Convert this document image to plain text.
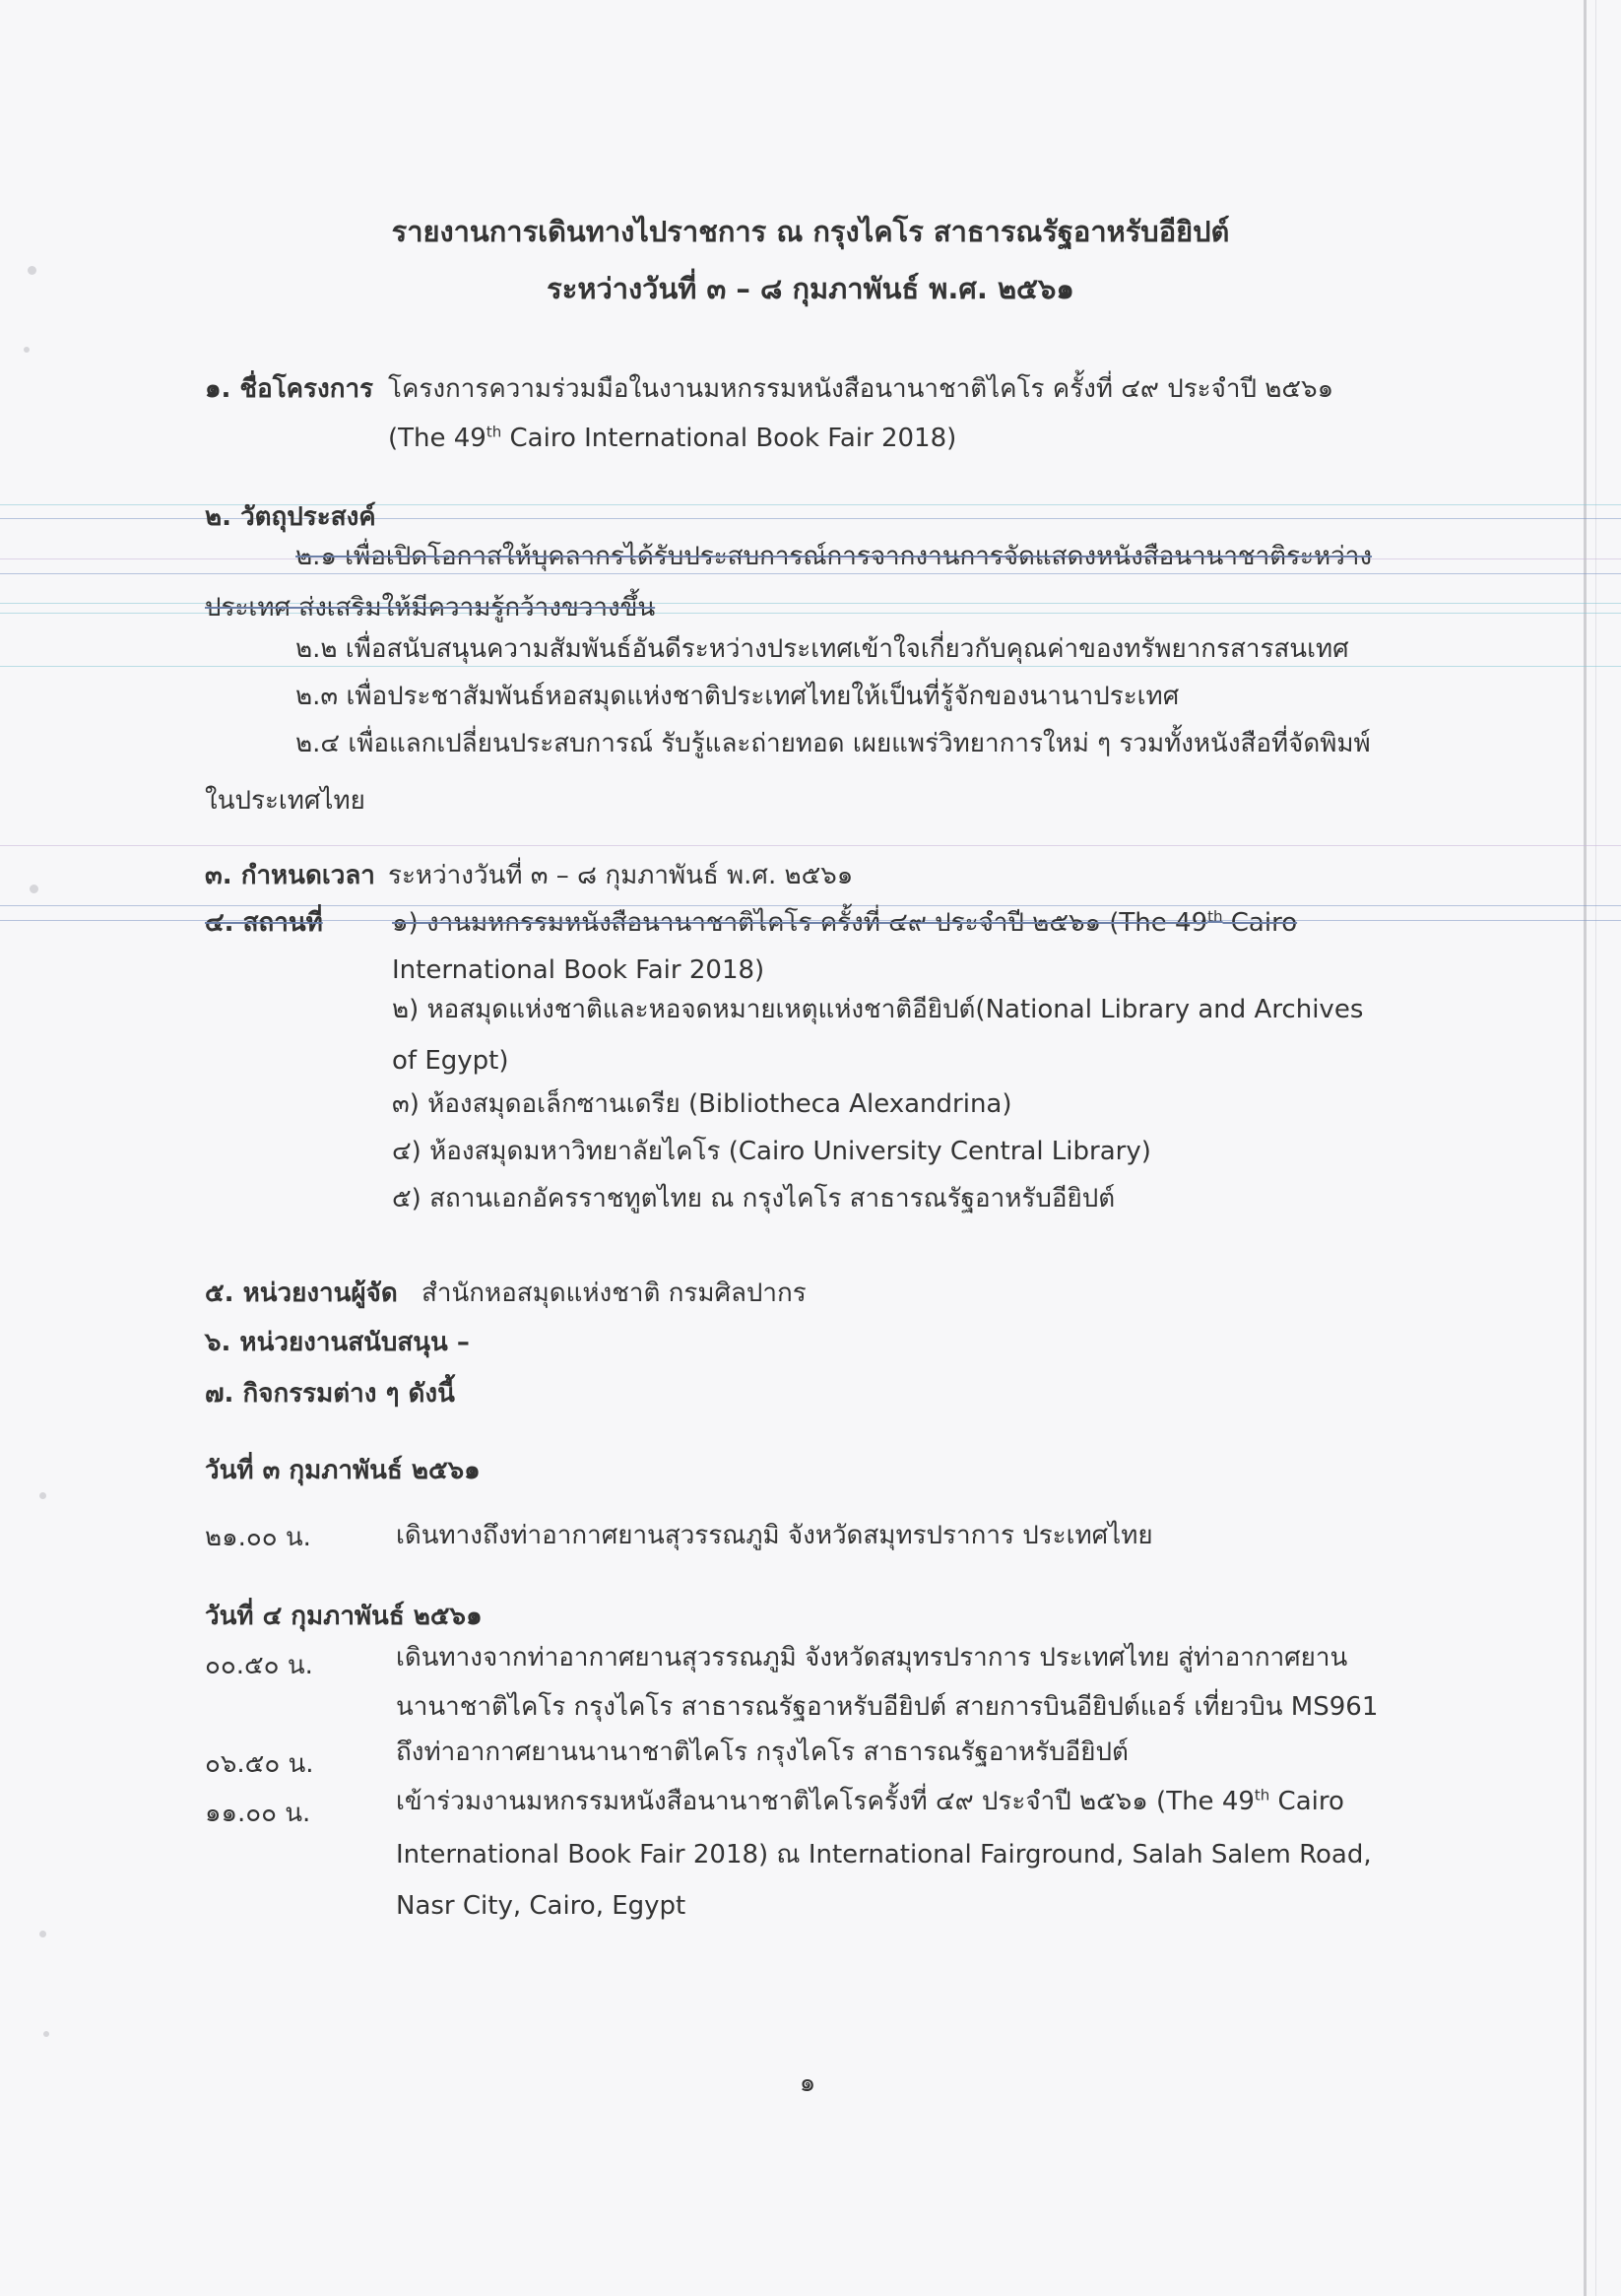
รายงานการเดินทางไปราชการ ณ กรุงไคโร สาธารณรัฐอาหรับอียิปต์
ระหว่างวันที่ ๓ – ๘ กุมภาพันธ์ พ.ศ. ๒๕๖๑
๑. ชื่อโครงการ โครงการความร่วมมือในงานมหกรรมหนังสือนานาชาติไคโร ครั้งที่ ๔๙ ประจำปี ๒๕๖๑
(The 49th Cairo International Book Fair 2018)
๒. วัตถุประสงค์
๒.๑ เพื่อเปิดโอกาสให้บุคลากรได้รับประสบการณ์การจากงานการจัดแสดงหนังสือนานาชาติระหว่าง
ประเทศ ส่งเสริมให้มีความรู้กว้างขวางขึ้น
๒.๒ เพื่อสนับสนุนความสัมพันธ์อันดีระหว่างประเทศเข้าใจเกี่ยวกับคุณค่าของทรัพยากรสารสนเทศ
๒.๓ เพื่อประชาสัมพันธ์หอสมุดแห่งชาติประเทศไทยให้เป็นที่รู้จักของนานาประเทศ
๒.๔ เพื่อแลกเปลี่ยนประสบการณ์ รับรู้และถ่ายทอด เผยแพร่วิทยาการใหม่ ๆ รวมทั้งหนังสือที่จัดพิมพ์
ในประเทศไทย
๓. กำหนดเวลา ระหว่างวันที่ ๓ – ๘ กุมภาพันธ์ พ.ศ. ๒๕๖๑
๔. สถานที่	๑) งานมหกรรมหนังสือนานาชาติไคโร ครั้งที่ ๔๙ ประจำปี ๒๕๖๑ (The 49th Cairo
International Book Fair 2018)
๒) หอสมุดแห่งชาติและหอจดหมายเหตุแห่งชาติอียิปต์(National Library and Archives
of Egypt)
๓) ห้องสมุดอเล็กซานเดรีย (Bibliotheca Alexandrina)
๔) ห้องสมุดมหาวิทยาลัยไคโร (Cairo University Central Library)
๕) สถานเอกอัครราชทูตไทย ณ กรุงไคโร สาธารณรัฐอาหรับอียิปต์
๕. หน่วยงานผู้จัด สำนักหอสมุดแห่งชาติ กรมศิลปากร
๖. หน่วยงานสนับสนุน –
๗. กิจกรรมต่าง ๆ ดังนี้
วันที่ ๓ กุมภาพันธ์ ๒๕๖๑
๒๑.๐๐ น.	เดินทางถึงท่าอากาศยานสุวรรณภูมิ จังหวัดสมุทรปราการ ประเทศไทย
วันที่ ๔ กุมภาพันธ์ ๒๕๖๑
๐๐.๕๐ น.	เดินทางจากท่าอากาศยานสุวรรณภูมิ จังหวัดสมุทรปราการ ประเทศไทย สู่ท่าอากาศยาน
นานาชาติไคโร กรุงไคโร สาธารณรัฐอาหรับอียิปต์ สายการบินอียิปต์แอร์ เที่ยวบิน MS961
๐๖.๕๐ น.	ถึงท่าอากาศยานนานาชาติไคโร กรุงไคโร สาธารณรัฐอาหรับอียิปต์
๑๑.๐๐ น.	เข้าร่วมงานมหกรรมหนังสือนานาชาติไคโรครั้งที่ ๔๙ ประจำปี ๒๕๖๑ (The 49th Cairo
International Book Fair 2018) ณ International Fairground, Salah Salem Road,
Nasr City, Cairo, Egypt
๑
